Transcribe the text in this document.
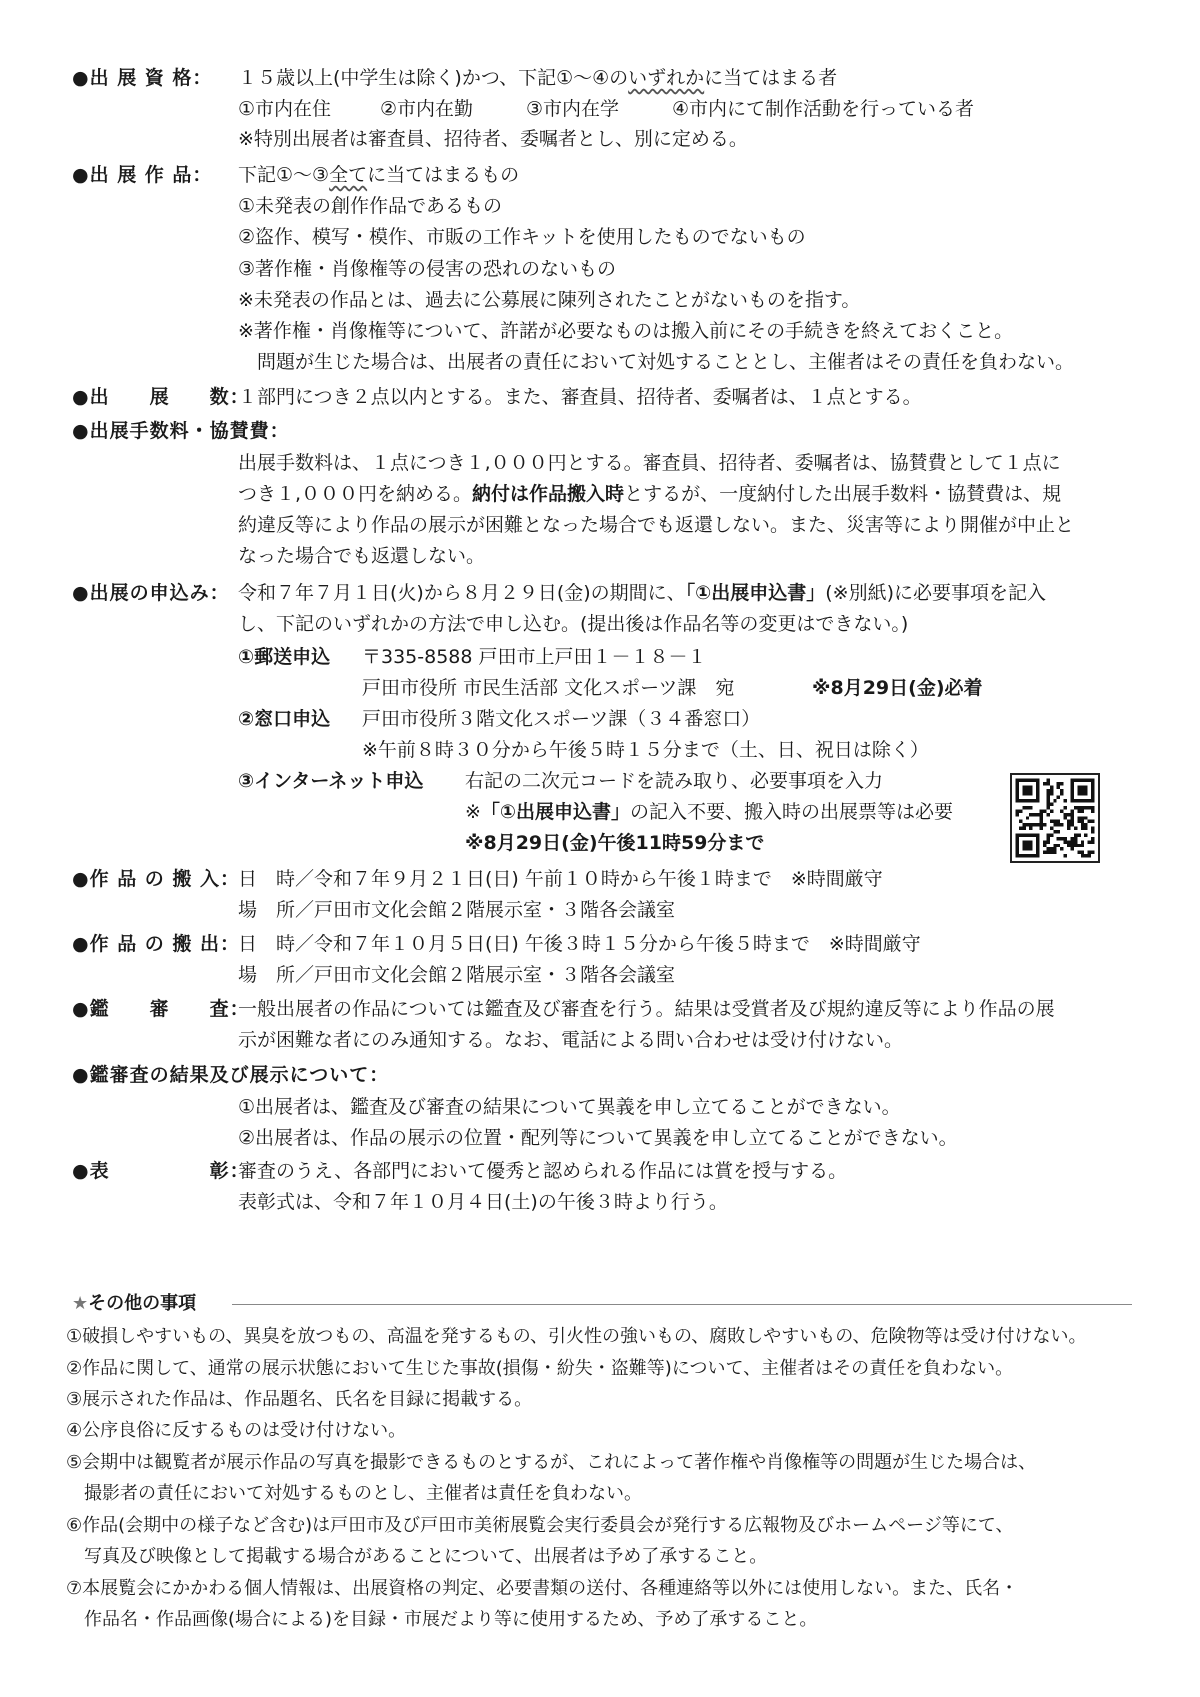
●出 展 資 格： １５歳以上(中学生は除く)かつ、下記①～④のいずれかに当てはまる者
①市内在住	②市内在勤	③市内在学	④市内にて制作活動を行っている者
※特別出展者は審査員、招待者、委嘱者とし、別に定める。
●出 展 作 品： 下記①～③全てに当てはまるもの
①未発表の創作作品であるもの
②盗作、模写・模作、市販の工作キットを使用したものでないもの
③著作権・肖像権等の侵害の恐れのないもの
※未発表の作品とは、過去に公募展に陳列されたことがないものを指す。
※著作権・肖像権等について、許諾が必要なものは搬入前にその手続きを終えておくこと。
　問題が生じた場合は、出展者の責任において対処することとし、主催者はその責任を負わない。
●出　　展　　数：
１部門につき２点以内とする。また、審査員、招待者、委嘱者は、１点とする。
●出展手数料・協賛費：
出展手数料は、１点につき１,０００円とする。審査員、招待者、委嘱者は、協賛費として１点に
つき１,０００円を納める。納付は作品搬入時とするが、一度納付した出展手数料・協賛費は、規
約違反等により作品の展示が困難となった場合でも返還しない。また、災害等により開催が中止と
なった場合でも返還しない。
●出展の申込み： 令和７年７月１日(火)から８月２９日(金)の期間に、「①出展申込書」(※別紙)に必要事項を記入
し、下記のいずれかの方法で申し込む。(提出後は作品名等の変更はできない。)
①郵送申込 〒335-8588 戸田市上戸田１－１８－１
戸田市役所 市民生活部 文化スポーツ課　宛	※8月29日(金)必着
②窓口申込 戸田市役所３階文化スポーツ課（３４番窓口）
※午前８時３０分から午後５時１５分まで（土、日、祝日は除く）
③インターネット申込 右記の二次元コードを読み取り、必要事項を入力
※「①出展申込書」の記入不要、搬入時の出展票等は必要
※8月29日(金)午後11時59分まで
●作 品 の 搬 入：
日　時／令和７年９月２１日(日) 午前１０時から午後１時まで　※時間厳守
場　所／戸田市文化会館２階展示室・３階各会議室
●作 品 の 搬 出：
日　時／令和７年１０月５日(日) 午後３時１５分から午後５時まで　※時間厳守
場　所／戸田市文化会館２階展示室・３階各会議室
●鑑　　審　　査：
一般出展者の作品については鑑査及び審査を行う。結果は受賞者及び規約違反等により作品の展
示が困難な者にのみ通知する。なお、電話による問い合わせは受け付けない。
●鑑審査の結果及び展示について：
①出展者は、鑑査及び審査の結果について異義を申し立てることができない。
②出展者は、作品の展示の位置・配列等について異義を申し立てることができない。
●表　　　　　彰：
審査のうえ、各部門において優秀と認められる作品には賞を授与する。
表彰式は、令和７年１０月４日(土)の午後３時より行う。
★その他の事項
①破損しやすいもの、異臭を放つもの、高温を発するもの、引火性の強いもの、腐敗しやすいもの、危険物等は受け付けない。
②作品に関して、通常の展示状態において生じた事故(損傷・紛失・盗難等)について、主催者はその責任を負わない。
③展示された作品は、作品題名、氏名を目録に掲載する。
④公序良俗に反するものは受け付けない。
⑤会期中は観覧者が展示作品の写真を撮影できるものとするが、これによって著作権や肖像権等の問題が生じた場合は、
　撮影者の責任において対処するものとし、主催者は責任を負わない。
⑥作品(会期中の様子など含む)は戸田市及び戸田市美術展覧会実行委員会が発行する広報物及びホームページ等にて、
　写真及び映像として掲載する場合があることについて、出展者は予め了承すること。
⑦本展覧会にかかわる個人情報は、出展資格の判定、必要書類の送付、各種連絡等以外には使用しない。また、氏名・
　作品名・作品画像(場合による)を目録・市展だより等に使用するため、予め了承すること。
